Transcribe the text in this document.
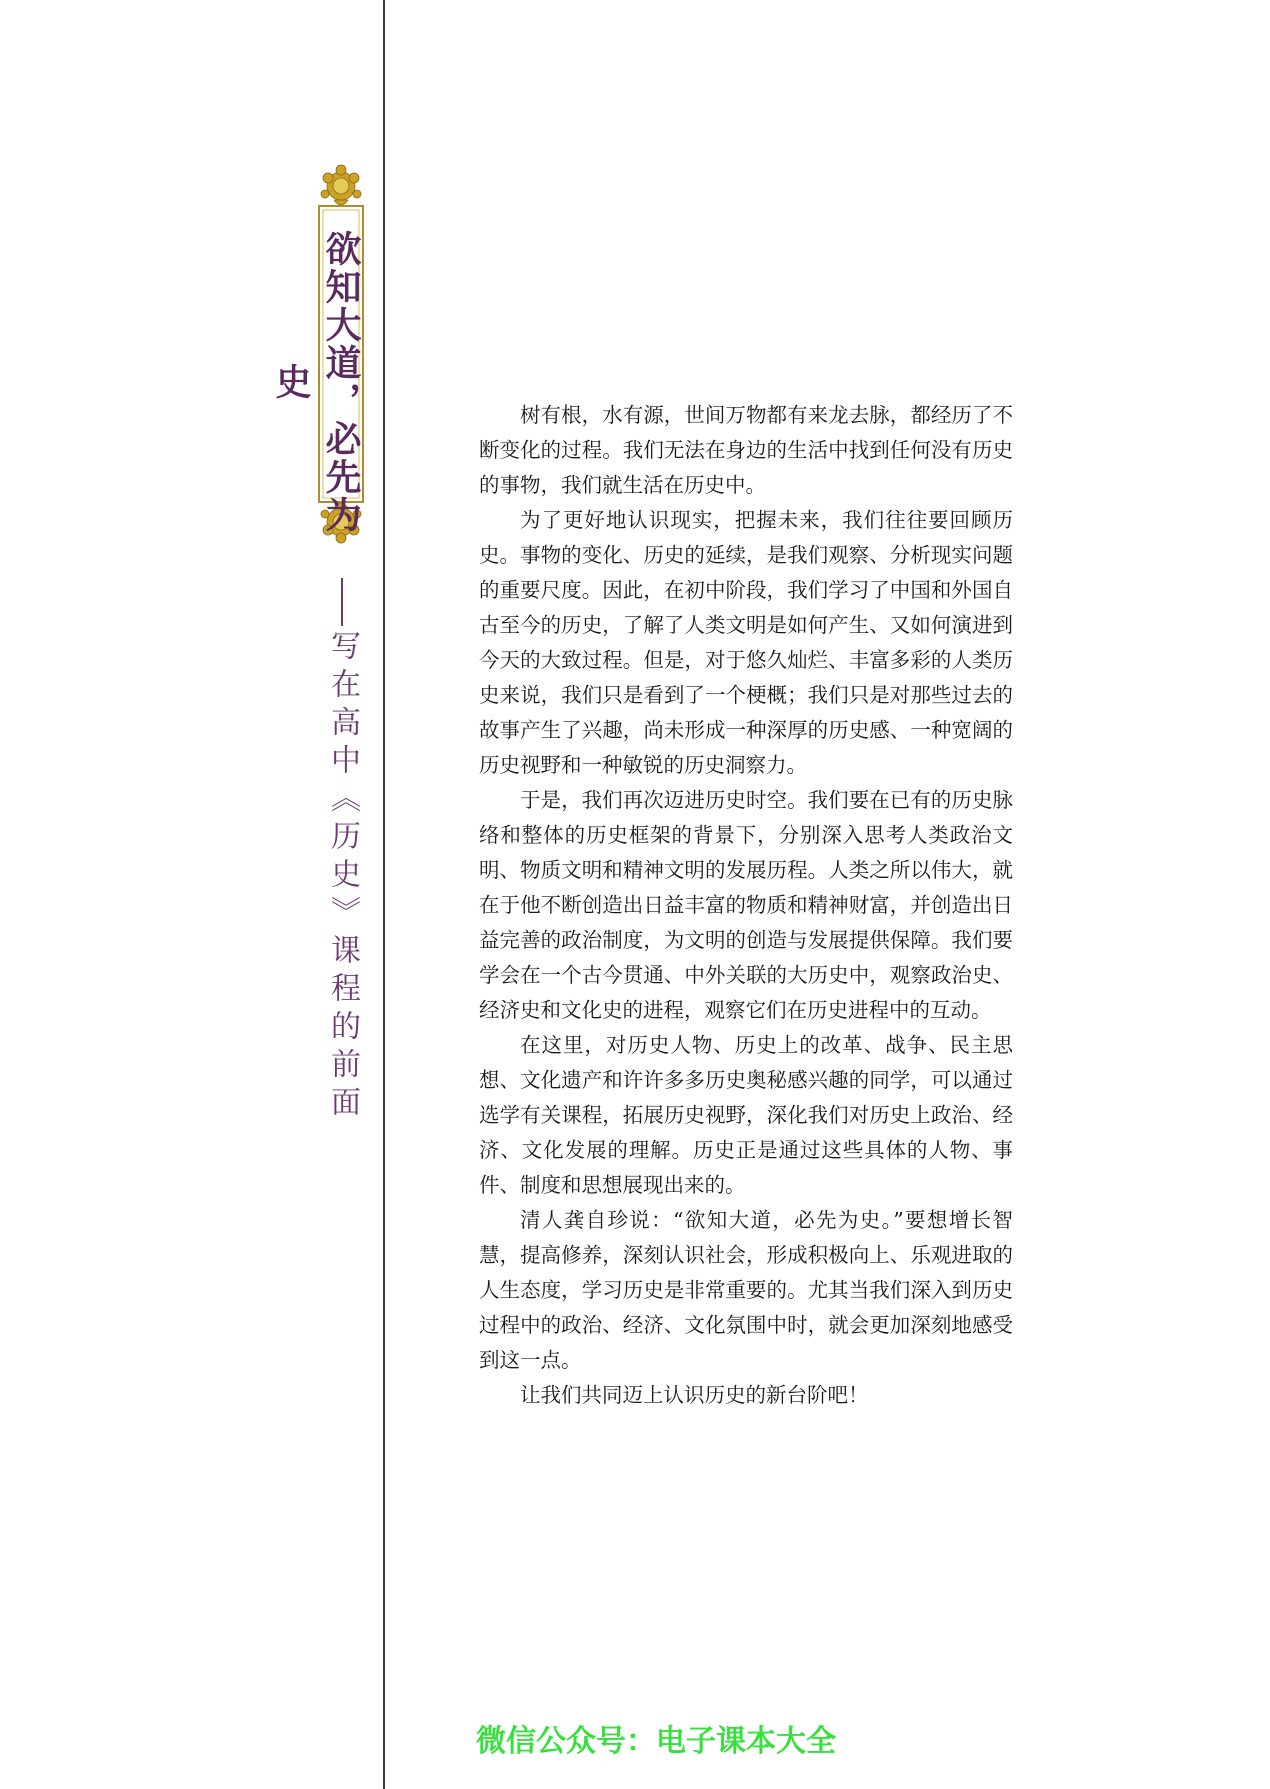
欲知大道，必先为史
写在高中《历史》课程的前面

树有根，水有源，世间万物都有来龙去脉，都经历了不断变化的过程。我们无法在身边的生活中找到任何没有历史的事物，我们就生活在历史中。

为了更好地认识现实，把握未来，我们往往要回顾历史。事物的变化、历史的延续，是我们观察、分析现实问题的重要尺度。因此，在初中阶段，我们学习了中国和外国自古至今的历史，了解了人类文明是如何产生、又如何演进到今天的大致过程。但是，对于悠久灿烂、丰富多彩的人类历史来说，我们只是看到了一个梗概；我们只是对那些过去的故事产生了兴趣，尚未形成一种深厚的历史感、一种宽阔的历史视野和一种敏锐的历史洞察力。

于是，我们再次迈进历史时空。我们要在已有的历史脉络和整体的历史框架的背景下，分别深入思考人类政治文明、物质文明和精神文明的发展历程。人类之所以伟大，就在于他不断创造出日益丰富的物质和精神财富，并创造出日益完善的政治制度，为文明的创造与发展提供保障。我们要学会在一个古今贯通、中外关联的大历史中，观察政治史、经济史和文化史的进程，观察它们在历史进程中的互动。

在这里，对历史人物、历史上的改革、战争、民主思想、文化遗产和许许多多历史奥秘感兴趣的同学，可以通过选学有关课程，拓展历史视野，深化我们对历史上政治、经济、文化发展的理解。历史正是通过这些具体的人物、事件、制度和思想展现出来的。

清人龚自珍说：“欲知大道，必先为史。”要想增长智慧，提高修养，深刻认识社会，形成积极向上、乐观进取的人生态度，学习历史是非常重要的。尤其当我们深入到历史过程中的政治、经济、文化氛围中时，就会更加深刻地感受到这一点。

让我们共同迈上认识历史的新台阶吧！

微信公众号：电子课本大全
